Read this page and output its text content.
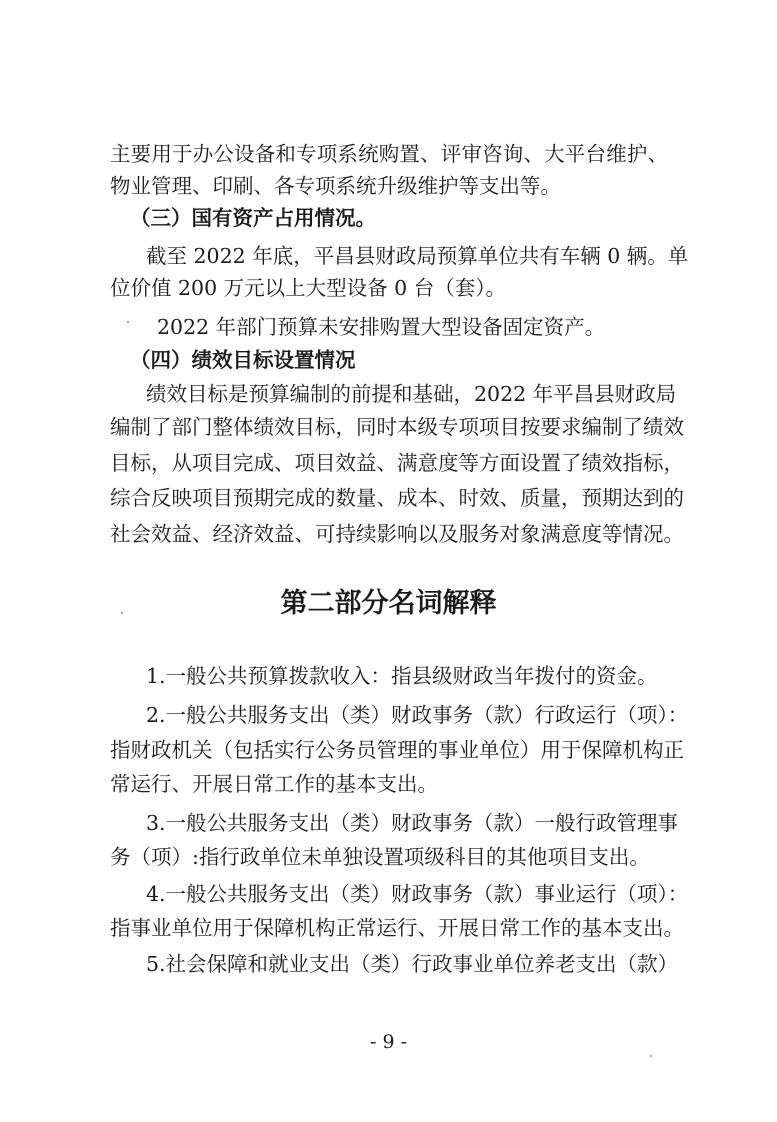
主要用于办公设备和专项系统购置、评审咨询、大平台维护、

物业管理、印刷、各专项系统升级维护等支出等。

（三）国有资产占用情况。

截至 2022 年底，平昌县财政局预算单位共有车辆 0 辆。单

位价值 200 万元以上大型设备 0 台（套）。

2022 年部门预算未安排购置大型设备固定资产。

（四）绩效目标设置情况

绩效目标是预算编制的前提和基础，2022 年平昌县财政局

编制了部门整体绩效目标，同时本级专项项目按要求编制了绩效

目标，从项目完成、项目效益、满意度等方面设置了绩效指标，

综合反映项目预期完成的数量、成本、时效、质量，预期达到的

社会效益、经济效益、可持续影响以及服务对象满意度等情况。

第二部分名词解释

1.一般公共预算拨款收入：指县级财政当年拨付的资金。

2.一般公共服务支出（类）财政事务（款）行政运行（项）：

指财政机关（包括实行公务员管理的事业单位）用于保障机构正

常运行、开展日常工作的基本支出。

3.一般公共服务支出（类）财政事务（款）一般行政管理事

务（项）:指行政单位未单独设置项级科目的其他项目支出。

4.一般公共服务支出（类）财政事务（款）事业运行（项）：

指事业单位用于保障机构正常运行、开展日常工作的基本支出。

5.社会保障和就业支出（类）行政事业单位养老支出（款）

- 9 -
